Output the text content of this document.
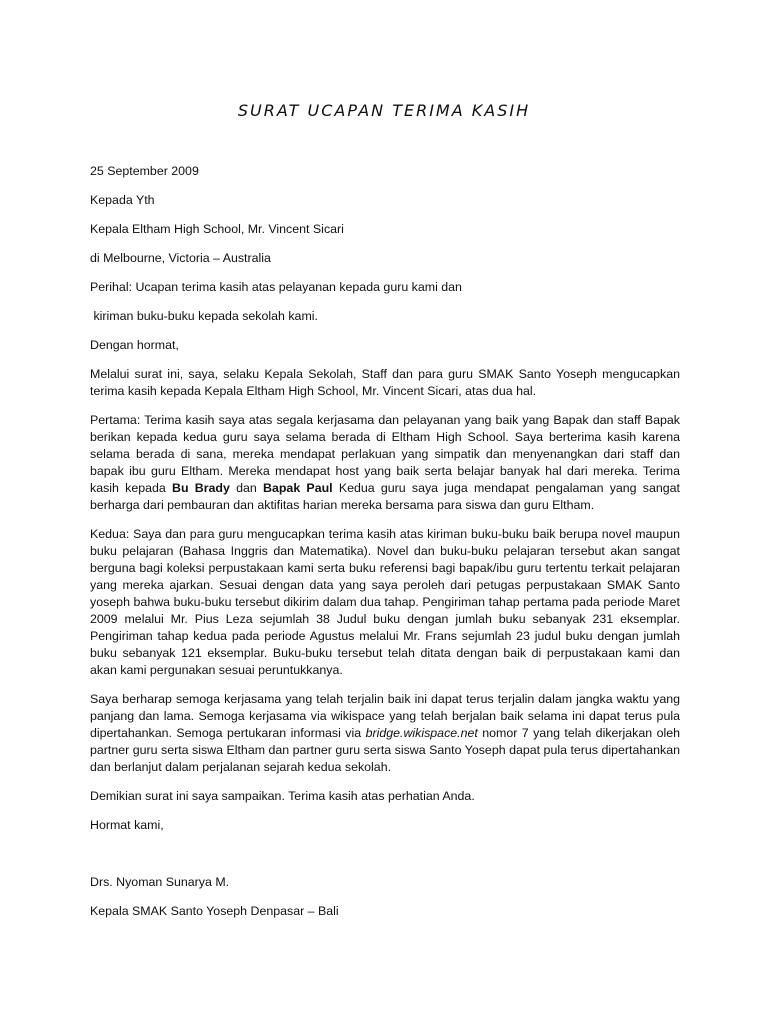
SURAT UCAPAN TERIMA KASIH

25 September 2009

Kepada Yth

Kepala Eltham High School, Mr. Vincent Sicari

di Melbourne, Victoria – Australia

Perihal: Ucapan terima kasih atas pelayanan kepada guru kami dan

kiriman buku-buku kepada sekolah kami.

Dengan hormat,

Melalui surat ini, saya, selaku Kepala Sekolah, Staff dan para guru SMAK Santo Yoseph mengucapkan terima kasih kepada Kepala Eltham High School, Mr. Vincent Sicari, atas dua hal.

Pertama: Terima kasih saya atas segala kerjasama dan pelayanan yang baik yang Bapak dan staff Bapak berikan kepada kedua guru saya selama berada di Eltham High School. Saya berterima kasih karena selama berada di sana, mereka mendapat perlakuan yang simpatik dan menyenangkan dari staff dan bapak ibu guru Eltham. Mereka mendapat host yang baik serta belajar banyak hal dari mereka. Terima kasih kepada Bu Brady dan Bapak Paul Kedua guru saya juga mendapat pengalaman yang sangat berharga dari pembauran dan aktifitas harian mereka bersama para siswa dan guru Eltham.

Kedua: Saya dan para guru mengucapkan terima kasih atas kiriman buku-buku baik berupa novel maupun buku pelajaran (Bahasa Inggris dan Matematika). Novel dan buku-buku pelajaran tersebut akan sangat berguna bagi koleksi perpustakaan kami serta buku referensi bagi bapak/ibu guru tertentu terkait pelajaran yang mereka ajarkan. Sesuai dengan data yang saya peroleh dari petugas perpustakaan SMAK Santo yoseph bahwa buku-buku tersebut dikirim dalam dua tahap. Pengiriman tahap pertama pada periode Maret 2009 melalui Mr. Pius Leza sejumlah 38 Judul buku dengan jumlah buku sebanyak 231 eksemplar. Pengiriman tahap kedua pada periode Agustus melalui Mr. Frans sejumlah 23 judul buku dengan jumlah buku sebanyak 121 eksemplar. Buku-buku tersebut telah ditata dengan baik di perpustakaan kami dan akan kami pergunakan sesuai peruntukkanya.

Saya berharap semoga kerjasama yang telah terjalin baik ini dapat terus terjalin dalam jangka waktu yang panjang dan lama. Semoga kerjasama via wikispace yang telah berjalan baik selama ini dapat terus pula dipertahankan. Semoga pertukaran informasi via bridge.wikispace.net nomor 7 yang telah dikerjakan oleh partner guru serta siswa Eltham dan partner guru serta siswa Santo Yoseph dapat pula terus dipertahankan dan berlanjut dalam perjalanan sejarah kedua sekolah.

Demikian surat ini saya sampaikan. Terima kasih atas perhatian Anda.

Hormat kami,

Drs. Nyoman Sunarya M.

Kepala SMAK Santo Yoseph Denpasar – Bali
